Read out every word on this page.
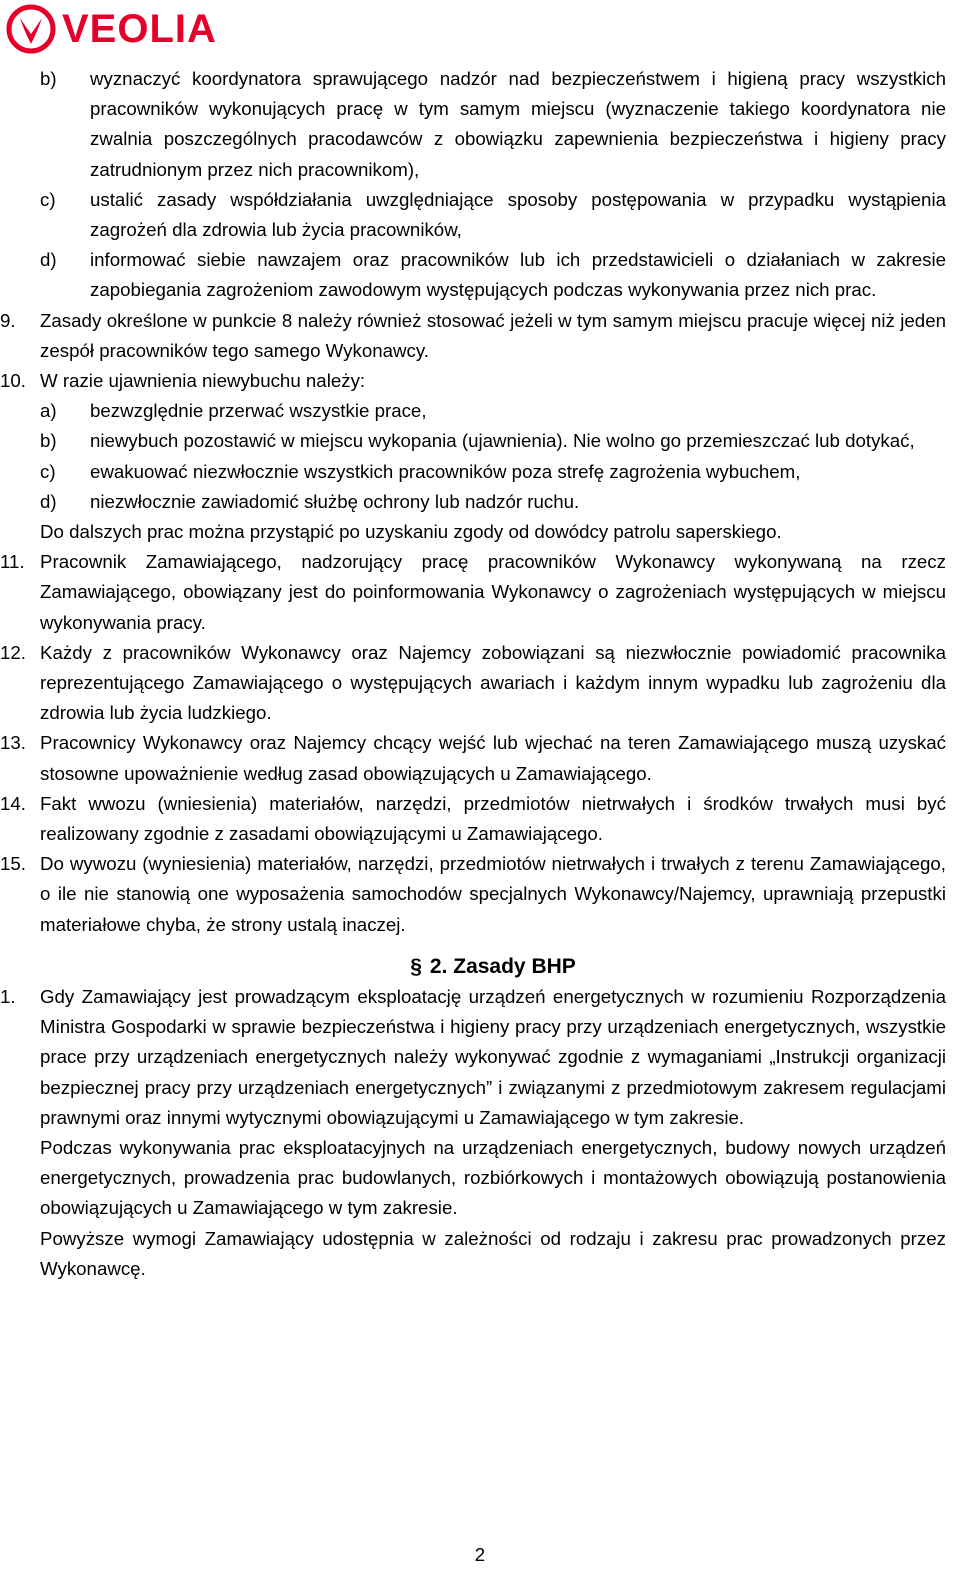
VEOLIA
b) wyznaczyć koordynatora sprawującego nadzór nad bezpieczeństwem i higieną pracy wszystkich pracowników wykonujących pracę w tym samym miejscu (wyznaczenie takiego koordynatora nie zwalnia poszczególnych pracodawców z obowiązku zapewnienia bezpieczeństwa i higieny pracy zatrudnionym przez nich pracownikom),
c) ustalić zasady współdziałania uwzględniające sposoby postępowania w przypadku wystąpienia zagrożeń dla zdrowia lub życia pracowników,
d) informować siebie nawzajem oraz pracowników lub ich przedstawicieli o działaniach w zakresie zapobiegania zagrożeniom zawodowym występujących podczas wykonywania przez nich prac.
9. Zasady określone w punkcie 8 należy również stosować jeżeli w tym samym miejscu pracuje więcej niż jeden zespół pracowników tego samego Wykonawcy.
10. W razie ujawnienia niewybuchu należy:
a) bezwzględnie przerwać wszystkie prace,
b) niewybuch pozostawić w miejscu wykopania (ujawnienia). Nie wolno go przemieszczać lub dotykać,
c) ewakuować niezwłocznie wszystkich pracowników poza strefę zagrożenia wybuchem,
d) niezwłocznie zawiadomić służbę ochrony lub nadzór ruchu.
Do dalszych prac można przystąpić po uzyskaniu zgody od dowódcy patrolu saperskiego.
11. Pracownik Zamawiającego, nadzorujący pracę pracowników Wykonawcy wykonywaną na rzecz Zamawiającego, obowiązany jest do poinformowania Wykonawcy o zagrożeniach występujących w miejscu wykonywania pracy.
12. Każdy z pracowników Wykonawcy oraz Najemcy zobowiązani są niezwłocznie powiadomić pracownika reprezentującego Zamawiającego o występujących awariach i każdym innym wypadku lub zagrożeniu dla zdrowia lub życia ludzkiego.
13. Pracownicy Wykonawcy oraz Najemcy chcący wejść lub wjechać na teren Zamawiającego muszą uzyskać stosowne upoważnienie według zasad obowiązujących u Zamawiającego.
14. Fakt wwozu (wniesienia) materiałów, narzędzi, przedmiotów nietrwałych i środków trwałych musi być realizowany zgodnie z zasadami obowiązującymi u Zamawiającego.
15. Do wywozu (wyniesienia) materiałów, narzędzi, przedmiotów nietrwałych i trwałych z terenu Zamawiającego, o ile nie stanowią one wyposażenia samochodów specjalnych Wykonawcy/Najemcy, uprawniają przepustki materiałowe chyba, że strony ustalą inaczej.
§ 2. Zasady BHP
1. Gdy Zamawiający jest prowadzącym eksploatację urządzeń energetycznych w rozumieniu Rozporządzenia Ministra Gospodarki w sprawie bezpieczeństwa i higieny pracy przy urządzeniach energetycznych, wszystkie prace przy urządzeniach energetycznych należy wykonywać zgodnie z wymaganiami „Instrukcji organizacji bezpiecznej pracy przy urządzeniach energetycznych” i związanymi z przedmiotowym zakresem regulacjami prawnymi oraz innymi wytycznymi obowiązującymi u Zamawiającego w tym zakresie.
Podczas wykonywania prac eksploatacyjnych na urządzeniach energetycznych, budowy nowych urządzeń energetycznych, prowadzenia prac budowlanych, rozbiórkowych i montażowych obowiązują postanowienia obowiązujących u Zamawiającego w tym zakresie.
Powyższe wymogi Zamawiający udostępnia w zależności od rodzaju i zakresu prac prowadzonych przez Wykonawcę.
2
